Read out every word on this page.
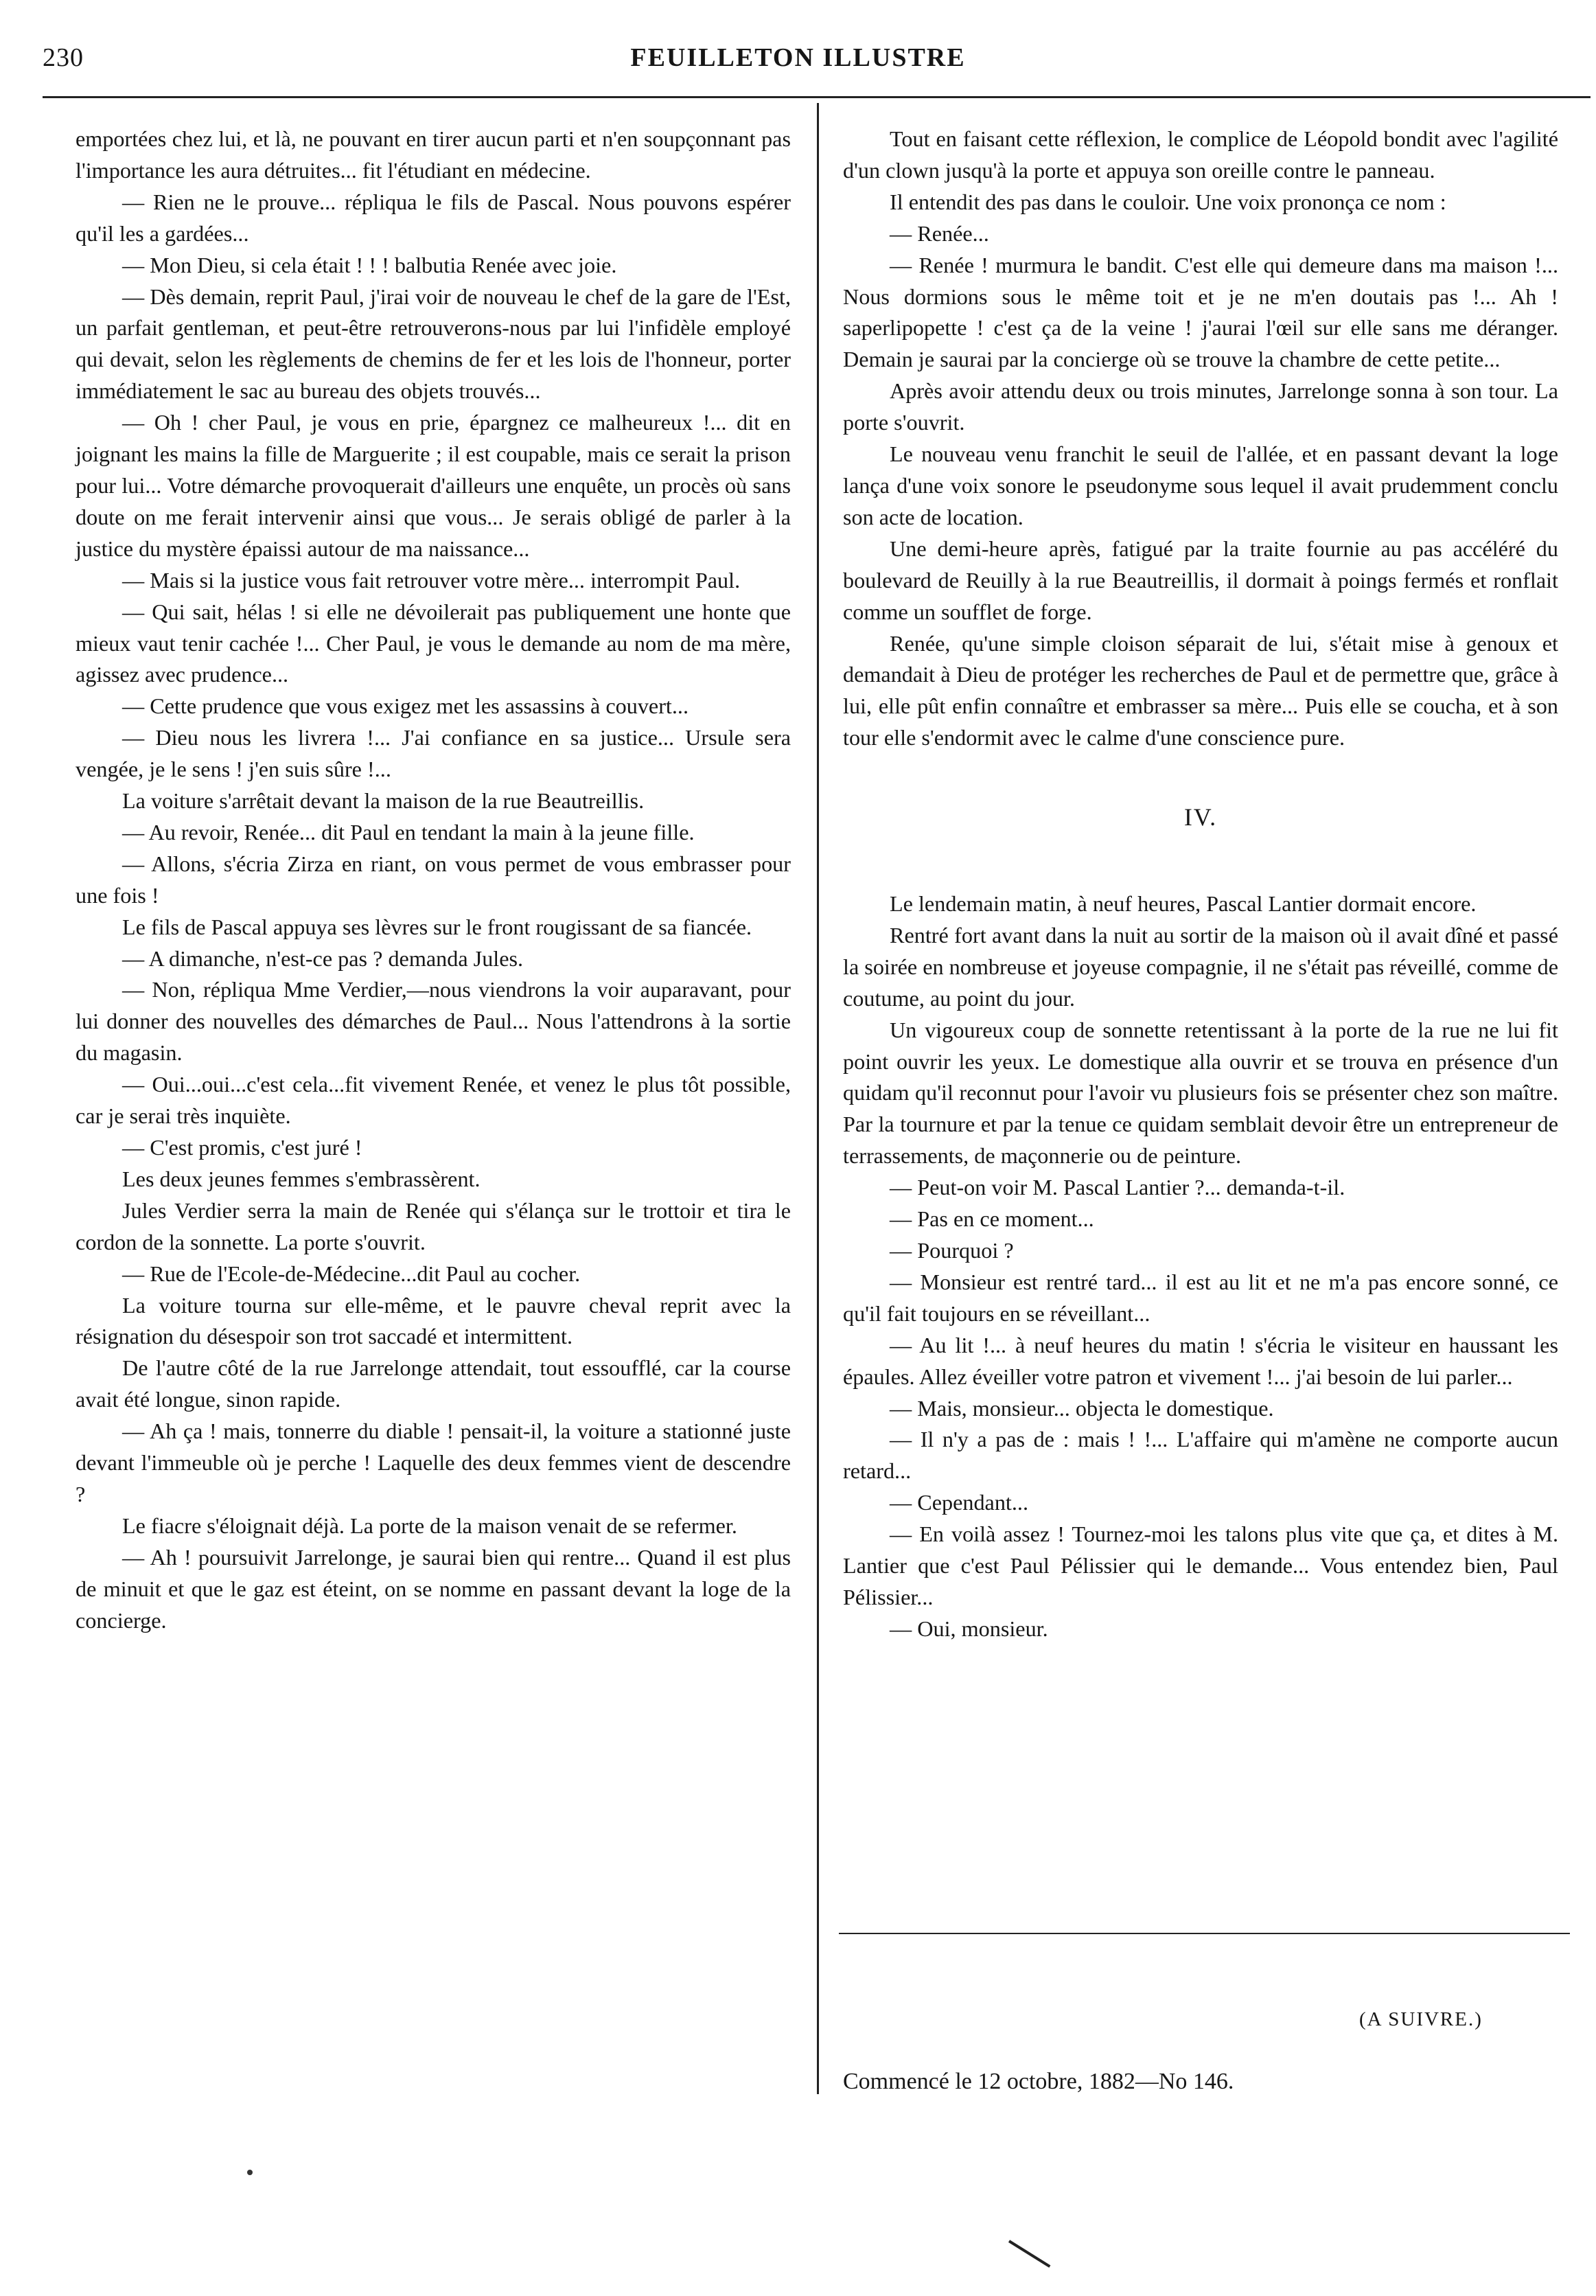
230	FEUILLETON ILLUSTRE

emportées chez lui, et là, ne pouvant en tirer aucun parti et n'en soupçonnant pas l'importance les aura détruites... fit l'étudiant en médecine.

— Rien ne le prouve... répliqua le fils de Pascal. Nous pouvons espérer qu'il les a gardées...

— Mon Dieu, si cela était ! ! ! balbutia Renée avec joie.

— Dès demain, reprit Paul, j'irai voir de nouveau le chef de la gare de l'Est, un parfait gentleman, et peut-être retrouverons-nous par lui l'infidèle employé qui devait, selon les règlements de chemins de fer et les lois de l'honneur, porter immédiatement le sac au bureau des objets trouvés...

— Oh ! cher Paul, je vous en prie, épargnez ce malheureux !... dit en joignant les mains la fille de Marguerite ; il est coupable, mais ce serait la prison pour lui... Votre démarche provoquerait d'ailleurs une enquête, un procès où sans doute on me ferait intervenir ainsi que vous... Je serais obligé de parler à la justice du mystère épaissi autour de ma naissance...

— Mais si la justice vous fait retrouver votre mère... interrompit Paul.

— Qui sait, hélas ! si elle ne dévoilerait pas publiquement une honte que mieux vaut tenir cachée !... Cher Paul, je vous le demande au nom de ma mère, agissez avec prudence...

— Cette prudence que vous exigez met les assassins à couvert...

— Dieu nous les livrera !... J'ai confiance en sa justice... Ursule sera vengée, je le sens ! j'en suis sûre !...

La voiture s'arrêtait devant la maison de la rue Beautreillis.

— Au revoir, Renée... dit Paul en tendant la main à la jeune fille.

— Allons, s'écria Zirza en riant, on vous permet de vous embrasser pour une fois !

Le fils de Pascal appuya ses lèvres sur le front rougissant de sa fiancée.

— A dimanche, n'est-ce pas ? demanda Jules.

— Non, répliqua Mme Verdier,—nous viendrons la voir auparavant, pour lui donner des nouvelles des démarches de Paul... Nous l'attendrons à la sortie du magasin.

— Oui...oui...c'est cela...fit vivement Renée, et venez le plus tôt possible, car je serai très inquiète.

— C'est promis, c'est juré !

Les deux jeunes femmes s'embrassèrent.

Jules Verdier serra la main de Renée qui s'élança sur le trottoir et tira le cordon de la sonnette. La porte s'ouvrit.

— Rue de l'Ecole-de-Médecine...dit Paul au cocher.

La voiture tourna sur elle-même, et le pauvre cheval reprit avec la résignation du désespoir son trot saccadé et intermittent.

De l'autre côté de la rue Jarrelonge attendait, tout essoufflé, car la course avait été longue, sinon rapide.

— Ah ça ! mais, tonnerre du diable ! pensait-il, la voiture a stationné juste devant l'immeuble où je perche ! Laquelle des deux femmes vient de descendre ?

Le fiacre s'éloignait déjà. La porte de la maison venait de se refermer.

— Ah ! poursuivit Jarrelonge, je saurai bien qui rentre... Quand il est plus de minuit et que le gaz est éteint, on se nomme en passant devant la loge de la concierge.

Tout en faisant cette réflexion, le complice de Léopold bondit avec l'agilité d'un clown jusqu'à la porte et appuya son oreille contre le panneau.

Il entendit des pas dans le couloir. Une voix prononça ce nom :

— Renée...

— Renée ! murmura le bandit. C'est elle qui demeure dans ma maison !... Nous dormions sous le même toit et je ne m'en doutais pas !... Ah ! saperlipopette ! c'est ça de la veine ! j'aurai l'œil sur elle sans me déranger. Demain je saurai par la concierge où se trouve la chambre de cette petite...

Après avoir attendu deux ou trois minutes, Jarrelonge sonna à son tour. La porte s'ouvrit.

Le nouveau venu franchit le seuil de l'allée, et en passant devant la loge lança d'une voix sonore le pseudonyme sous lequel il avait prudemment conclu son acte de location.

Une demi-heure après, fatigué par la traite fournie au pas accéléré du boulevard de Reuilly à la rue Beautreillis, il dormait à poings fermés et ronflait comme un soufflet de forge.

Renée, qu'une simple cloison séparait de lui, s'était mise à genoux et demandait à Dieu de protéger les recherches de Paul et de permettre que, grâce à lui, elle pût enfin connaître et embrasser sa mère... Puis elle se coucha, et à son tour elle s'endormit avec le calme d'une conscience pure.

IV.

Le lendemain matin, à neuf heures, Pascal Lantier dormait encore.

Rentré fort avant dans la nuit au sortir de la maison où il avait dîné et passé la soirée en nombreuse et joyeuse compagnie, il ne s'était pas réveillé, comme de coutume, au point du jour.

Un vigoureux coup de sonnette retentissant à la porte de la rue ne lui fit point ouvrir les yeux. Le domestique alla ouvrir et se trouva en présence d'un quidam qu'il reconnut pour l'avoir vu plusieurs fois se présenter chez son maître. Par la tournure et par la tenue ce quidam semblait devoir être un entrepreneur de terrassements, de maçonnerie ou de peinture.

— Peut-on voir M. Pascal Lantier ?... demanda-t-il.

— Pas en ce moment...

— Pourquoi ?

— Monsieur est rentré tard... il est au lit et ne m'a pas encore sonné, ce qu'il fait toujours en se réveillant...

— Au lit !... à neuf heures du matin ! s'écria le visiteur en haussant les épaules. Allez éveiller votre patron et vivement !... j'ai besoin de lui parler...

— Mais, monsieur... objecta le domestique.

— Il n'y a pas de : mais ! !... L'affaire qui m'amène ne comporte aucun retard...

— Cependant...

— En voilà assez ! Tournez-moi les talons plus vite que ça, et dites à M. Lantier que c'est Paul Pélissier qui le demande... Vous entendez bien, Paul Pélissier...

— Oui, monsieur.

(A SUIVRE.)
Commencé le 12 octobre, 1882—No 146.
